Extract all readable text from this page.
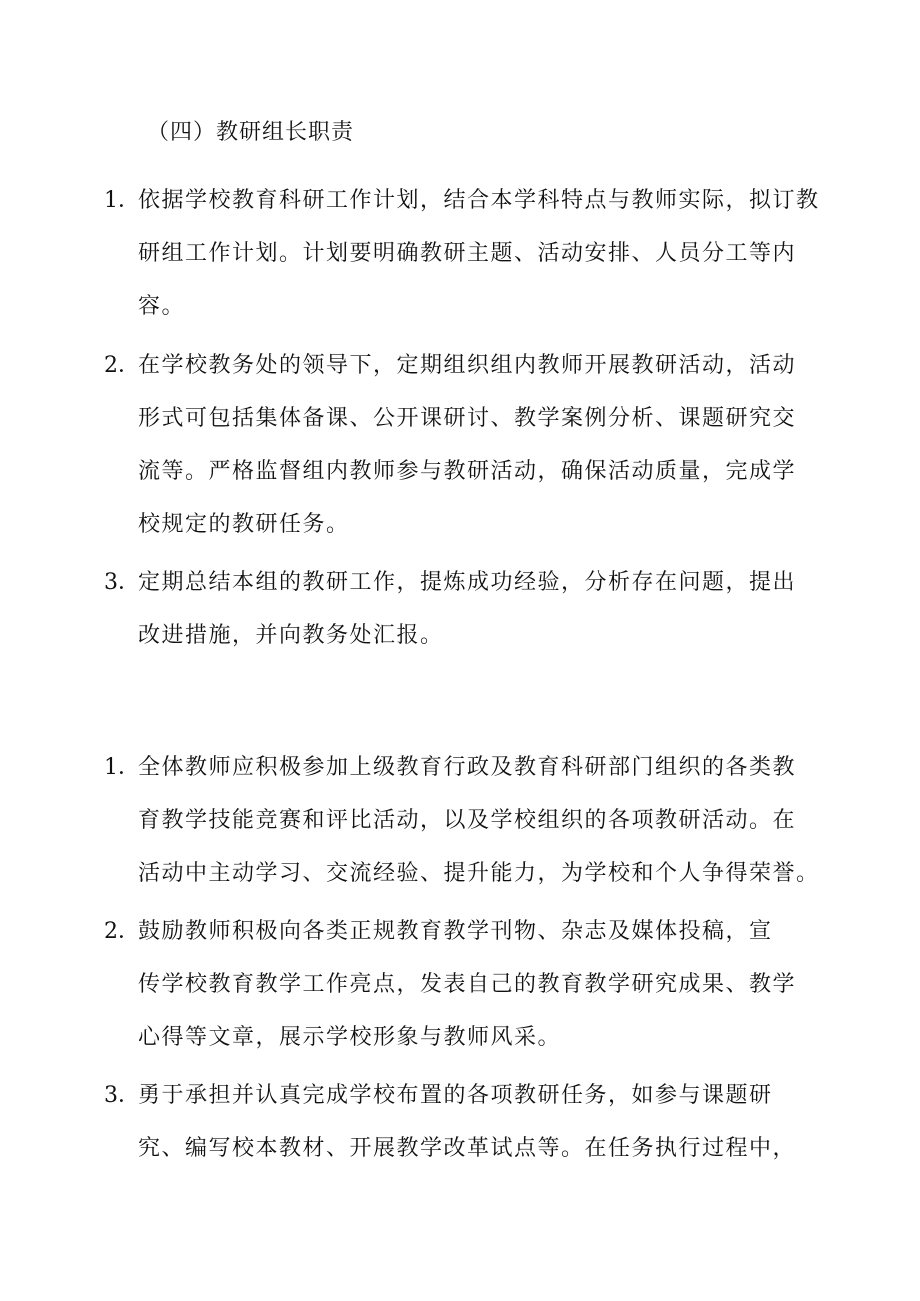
（四）教研组长职责
1．
依据学校教育科研工作计划，结合本学科特点与教师实际，拟订教
研组工作计划。计划要明确教研主题、活动安排、人员分工等内
容。
2．
在学校教务处的领导下，定期组织组内教师开展教研活动，活动
形式可包括集体备课、公开课研讨、教学案例分析、课题研究交
流等。严格监督组内教师参与教研活动，确保活动质量，完成学
校规定的教研任务。
3．
定期总结本组的教研工作，提炼成功经验，分析存在问题，提出
改进措施，并向教务处汇报。
1．
全体教师应积极参加上级教育行政及教育科研部门组织的各类教
育教学技能竞赛和评比活动，以及学校组织的各项教研活动。在
活动中主动学习、交流经验、提升能力，为学校和个人争得荣誉。
2．
鼓励教师积极向各类正规教育教学刊物、杂志及媒体投稿，宣
传学校教育教学工作亮点，发表自己的教育教学研究成果、教学
心得等文章，展示学校形象与教师风采。
3．
勇于承担并认真完成学校布置的各项教研任务，如参与课题研
究、编写校本教材、开展教学改革试点等。在任务执行过程中，
